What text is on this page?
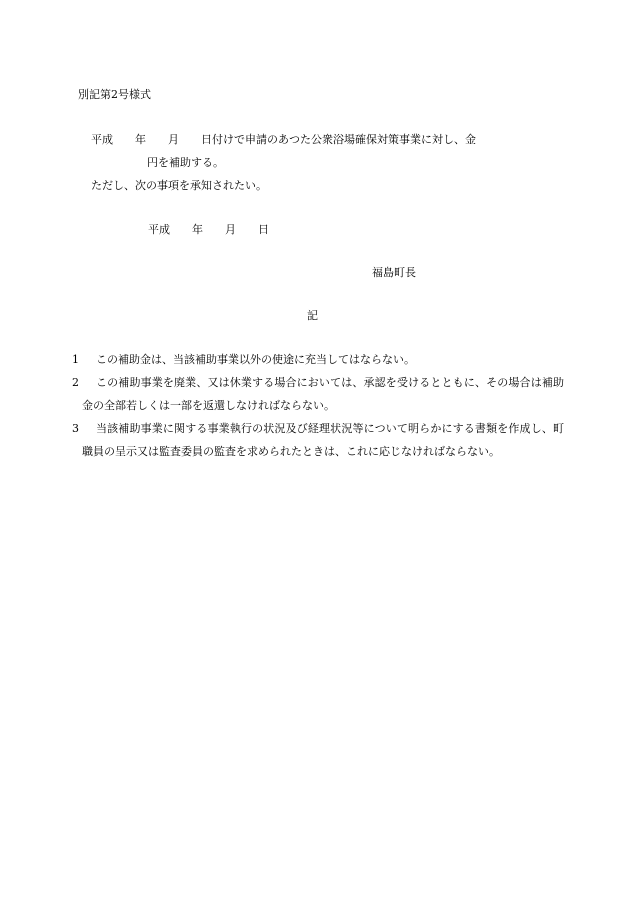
別記第2号様式
平成　　年　　月　　日付けで申請のあつた公衆浴場確保対策事業に対し、金
円を補助する。
ただし、次の事項を承知されたい。
平成　　年　　月　　日
福島町長
記
1	この補助金は、当該補助事業以外の使途に充当してはならない。
2	この補助事業を廃業、又は休業する場合においては、承認を受けるとともに、その場合は補助金の全部若しくは一部を返還しなければならない。
3	当該補助事業に関する事業執行の状況及び経理状況等について明らかにする書類を作成し、町職員の呈示又は監査委員の監査を求められたときは、これに応じなければならない。
